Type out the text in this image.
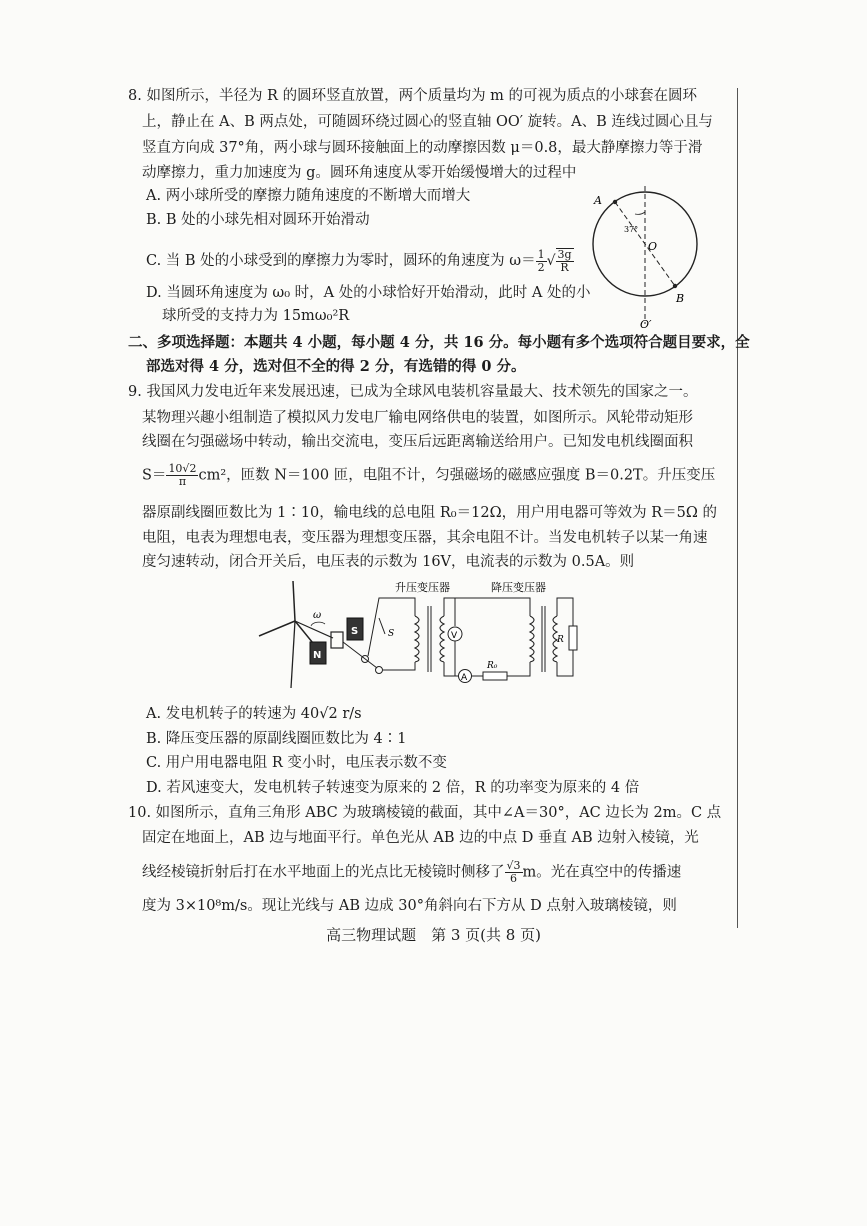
8. 如图所示，半径为 R 的圆环竖直放置，两个质量均为 m 的可视为质点的小球套在圆环
上，静止在 A、B 两点处，可随圆环绕过圆心的竖直轴 OO′ 旋转。A、B 连线过圆心且与
竖直方向成 37°角，两小球与圆环接触面上的动摩擦因数 μ＝0.8，最大静摩擦力等于滑
动摩擦力，重力加速度为 g。圆环角速度从零开始缓慢增大的过程中
A. 两小球所受的摩擦力随角速度的不断增大而增大
B. B 处的小球先相对圆环开始滑动
C. 当 B 处的小球受到的摩擦力为零时，圆环的角速度为 $\omega= \frac{1}{2}$ √ $\frac{3g}{R}$
D. 当圆环角速度为 ω₀ 时，A 处的小球恰好开始滑动，此时 A 处的小
球所受的支持力为 15mω₀²R
A
B
O
O′
37°
二、多项选择题：本题共 4 小题，每小题 4 分，共 16 分。每小题有多个选项符合题目要求，全
部选对得 4 分，选对但不全的得 2 分，有选错的得 0 分。
9. 我国风力发电近年来发展迅速，已成为全球风电装机容量最大、技术领先的国家之一。
某物理兴趣小组制造了模拟风力发电厂输电网络供电的装置，如图所示。风轮带动矩形
线圈在匀强磁场中转动，输出交流电，变压后远距离输送给用户。已知发电机线圈面积
$S= \frac{10√2}{\pi} cm^2$，匝数 N＝100 匝，电阻不计，匀强磁场的磁感应强度 B＝0.2T。升压变压
器原副线圈匝数比为 1∶10，输电线的总电阻 R₀＝12Ω，用户用电器可等效为 R＝5Ω 的
电阻，电表为理想电表，变压器为理想变压器，其余电阻不计。当发电机转子以某一角速
度匀速转动，闭合开关后，电压表的示数为 16V，电流表的示数为 0.5A。则
ω
N
S	S
升压变压器
V
A
R₀
降压变压器
R
A. 发电机转子的转速为 40√2 r/s
B. 降压变压器的原副线圈匝数比为 4∶1
C. 用户用电器电阻 R 变小时，电压表示数不变
D. 若风速变大，发电机转子转速变为原来的 2 倍，R 的功率变为原来的 4 倍
10. 如图所示，直角三角形 ABC 为玻璃棱镜的截面，其中∠A＝30°，AC 边长为 2m。C 点
固定在地面上，AB 边与地面平行。单色光从 AB 边的中点 D 垂直 AB 边射入棱镜，光
线经棱镜折射后打在水平地面上的光点比无棱镜时侧移了 $\frac{√3}{6}$ m。光在真空中的传播速
度为 3×10⁸m/s。现让光线与 AB 边成 30°角斜向右下方从 D 点射入玻璃棱镜，则
高三物理试题　第 3 页(共 8 页)
